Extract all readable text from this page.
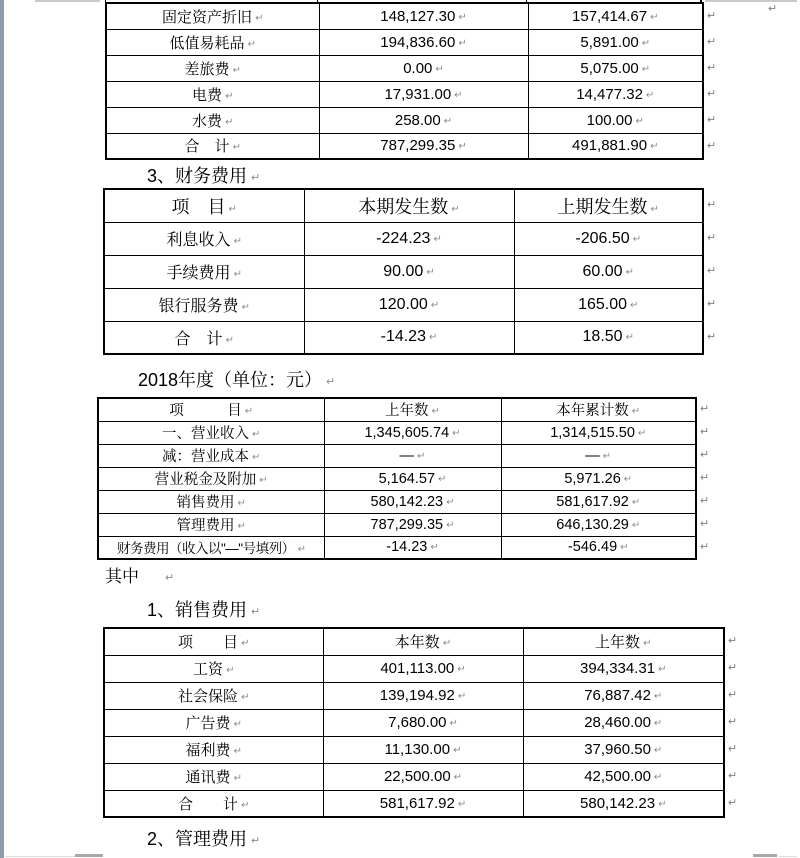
↵
固定资产折旧 ↵	148,127.30 ↵	157,414.67 ↵
低值易耗品 ↵	194,836.60 ↵	5,891.00 ↵
差旅费 ↵	0.00 ↵	5,075.00 ↵
电费 ↵	17,931.00 ↵	14,477.32 ↵
水费 ↵	258.00 ↵	100.00 ↵
合　计 ↵	787,299.35 ↵	491,881.90 ↵
↵
↵
↵
↵
↵
↵
3、财务费用 ↵
项　目 ↵	本期发生数 ↵	上期发生数 ↵
利息收入 ↵	-224.23 ↵	-206.50 ↵
手续费用 ↵	90.00 ↵	60.00 ↵
银行服务费 ↵	120.00 ↵	165.00 ↵
合　计 ↵	-14.23 ↵	18.50 ↵
↵
↵
↵
↵
↵
2018年度（单位：元） ↵
项　　　目 ↵	上年数 ↵	本年累计数 ↵
一、营业收入 ↵	1,345,605.74 ↵	1,314,515.50 ↵
减：营业成本 ↵	— ↵	— ↵
营业税金及附加 ↵	5,164.57 ↵	5,971.26 ↵
销售费用 ↵	580,142.23 ↵	581,617.92 ↵
管理费用 ↵	787,299.35 ↵	646,130.29 ↵
财务费用（收入以"—"号填列） ↵	-14.23 ↵	-546.49 ↵
↵
↵
↵
↵
↵
↵
↵
其中 ↵
1、销售费用 ↵
项　　目 ↵	本年数 ↵	上年数 ↵
工资 ↵	401,113.00 ↵	394,334.31 ↵
社会保险 ↵	139,194.92 ↵	76,887.42 ↵
广告费 ↵	7,680.00 ↵	28,460.00 ↵
福利费 ↵	11,130.00 ↵	37,960.50 ↵
通讯费 ↵	22,500.00 ↵	42,500.00 ↵
合　　计 ↵	581,617.92 ↵	580,142.23 ↵
↵
↵
↵
↵
↵
↵
↵
2、管理费用 ↵
